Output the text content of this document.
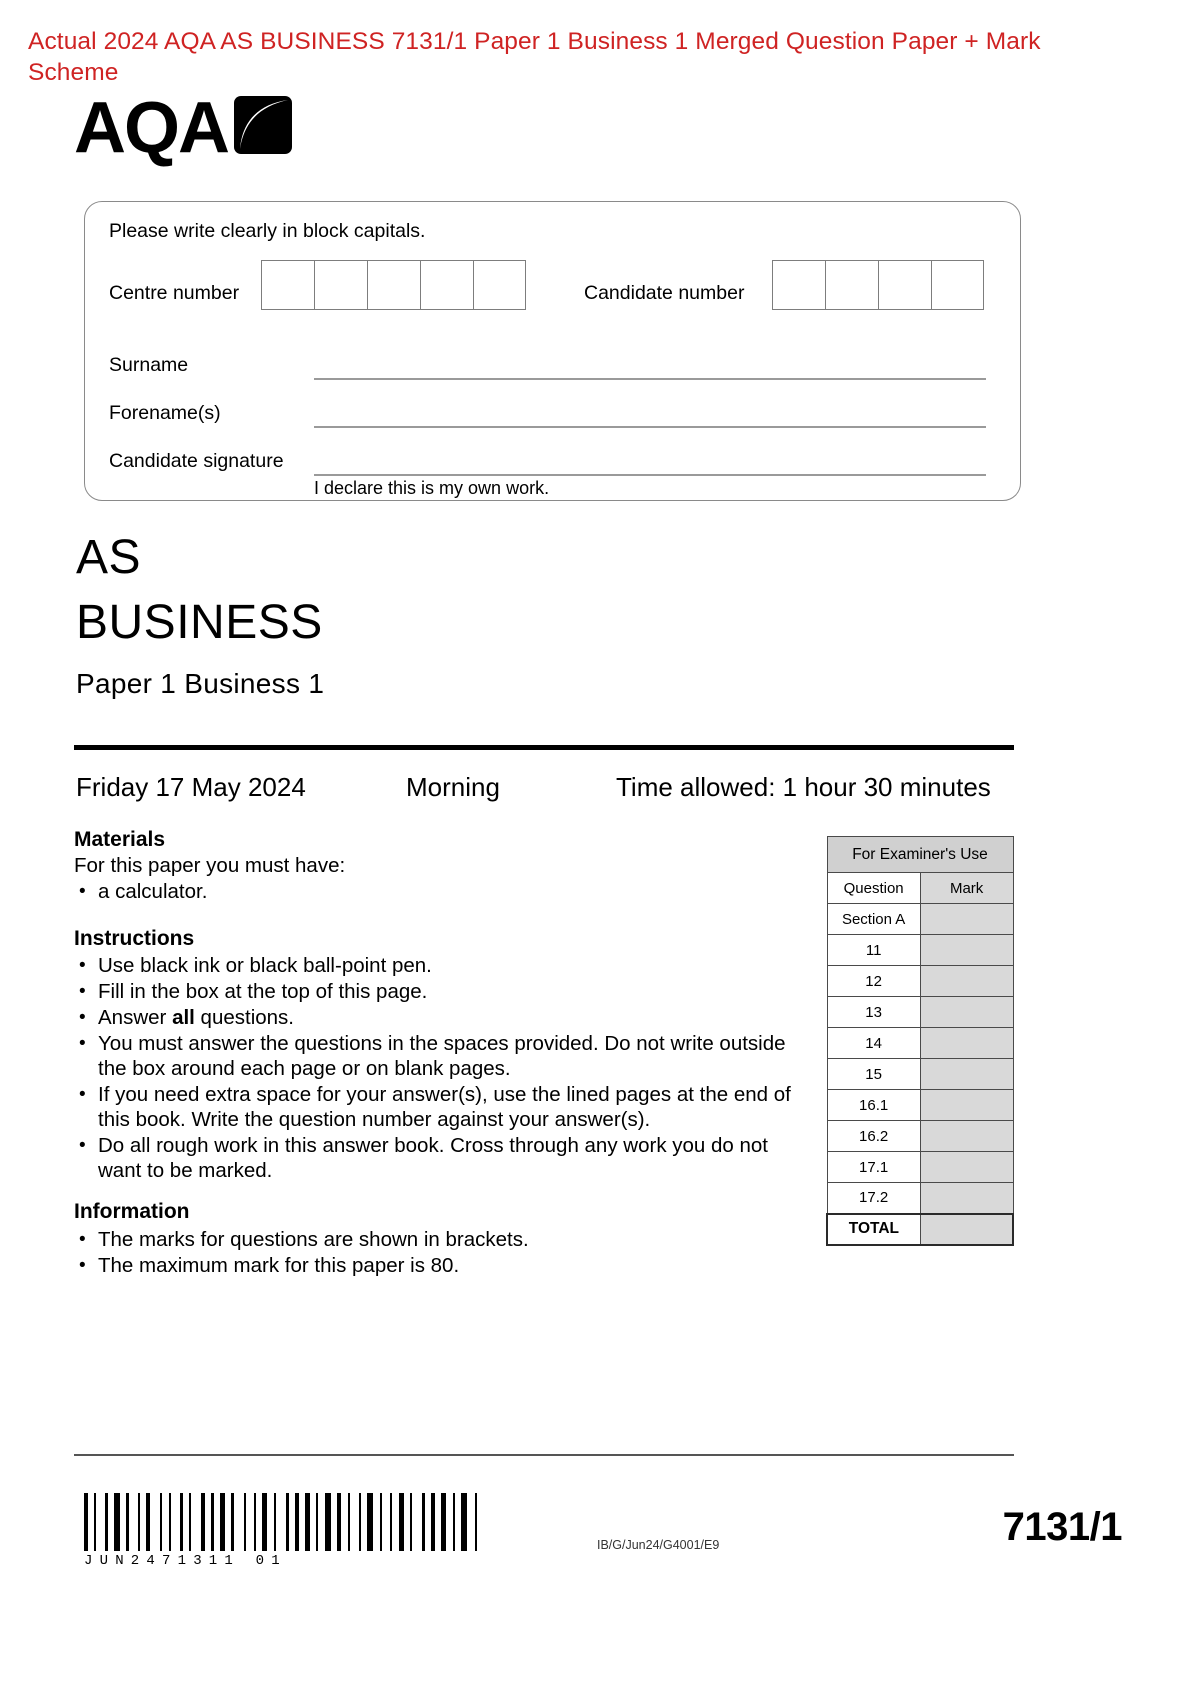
Actual 2024 AQA AS BUSINESS 7131/1 Paper 1 Business 1 Merged Question Paper + Mark Scheme
AQA
Please write clearly in block capitals.
Centre number	Candidate number
Surname
Forename(s)
Candidate signature
I declare this is my own work.
AS
BUSINESS
Paper 1 Business 1
Friday 17 May 2024	Morning	Time allowed: 1 hour 30 minutes
Materials
For this paper you must have:
• a calculator.
Instructions
• Use black ink or black ball-point pen.
• Fill in the box at the top of this page.
• Answer all questions.
• You must answer the questions in the spaces provided. Do not write outside the box around each page or on blank pages.
• If you need extra space for your answer(s), use the lined pages at the end of this book. Write the question number against your answer(s).
• Do all rough work in this answer book. Cross through any work you do not want to be marked.
Information
• The marks for questions are shown in brackets.
• The maximum mark for this paper is 80.
For Examiner's Use	
Question	Mark
Section A	
11	
12	
13	
14	
15	
16.1	
16.2	
17.1	
17.2	
TOTAL	
JUN2471311 01
IB/G/Jun24/G4001/E9	7131/1
